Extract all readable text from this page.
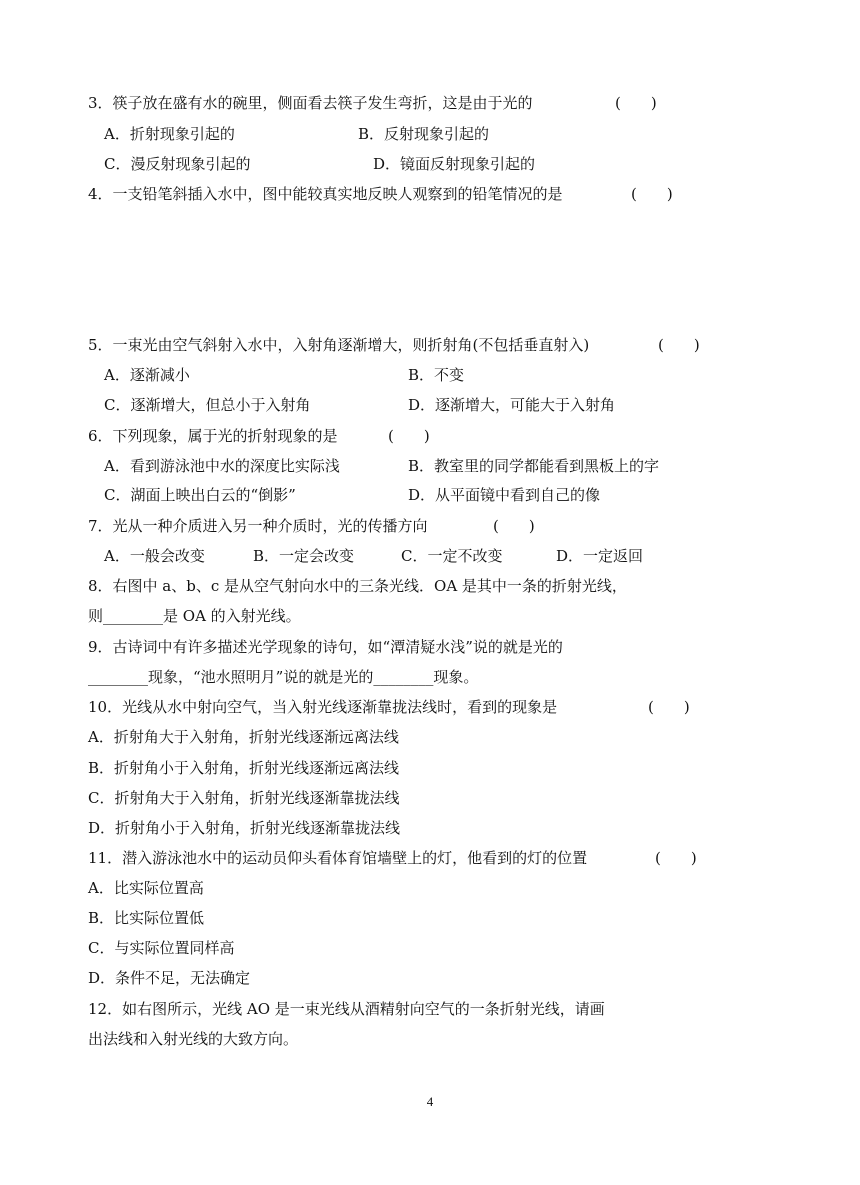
3．筷子放在盛有水的碗里，侧面看去筷子发生弯折，这是由于光的	(　　)
A．折射现象引起的	B．反射现象引起的
C．漫反射现象引起的	D．镜面反射现象引起的
4．一支铅笔斜插入水中，图中能较真实地反映人观察到的铅笔情况的是	(　　)
5．一束光由空气斜射入水中，入射角逐渐增大，则折射角(不包括垂直射入)	(　　)
A．逐渐减小	B．不变
C．逐渐增大，但总小于入射角	D．逐渐增大，可能大于入射角
6．下列现象，属于光的折射现象的是	(　　)
A．看到游泳池中水的深度比实际浅	B．教室里的同学都能看到黑板上的字
C．湖面上映出白云的“倒影”	D．从平面镜中看到自己的像
7．光从一种介质进入另一种介质时，光的传播方向	(　　)
A．一般会改变	B．一定会改变	C．一定不改变	D．一定返回
8．右图中 a、b、c 是从空气射向水中的三条光线．OA 是其中一条的折射光线，
则________是 OA 的入射光线。
9．古诗词中有许多描述光学现象的诗句，如“潭清疑水浅”说的就是光的
________现象，“池水照明月”说的就是光的________现象。
10．光线从水中射向空气，当入射光线逐渐靠拢法线时，看到的现象是	(　　)
A．折射角大于入射角，折射光线逐渐远离法线
B．折射角小于入射角，折射光线逐渐远离法线
C．折射角大于入射角，折射光线逐渐靠拢法线
D．折射角小于入射角，折射光线逐渐靠拢法线
11．潜入游泳池水中的运动员仰头看体育馆墙壁上的灯，他看到的灯的位置	(　　)
A．比实际位置高
B．比实际位置低
C．与实际位置同样高
D．条件不足，无法确定
12．如右图所示，光线 AO 是一束光线从酒精射向空气的一条折射光线，请画
出法线和入射光线的大致方向。
4
